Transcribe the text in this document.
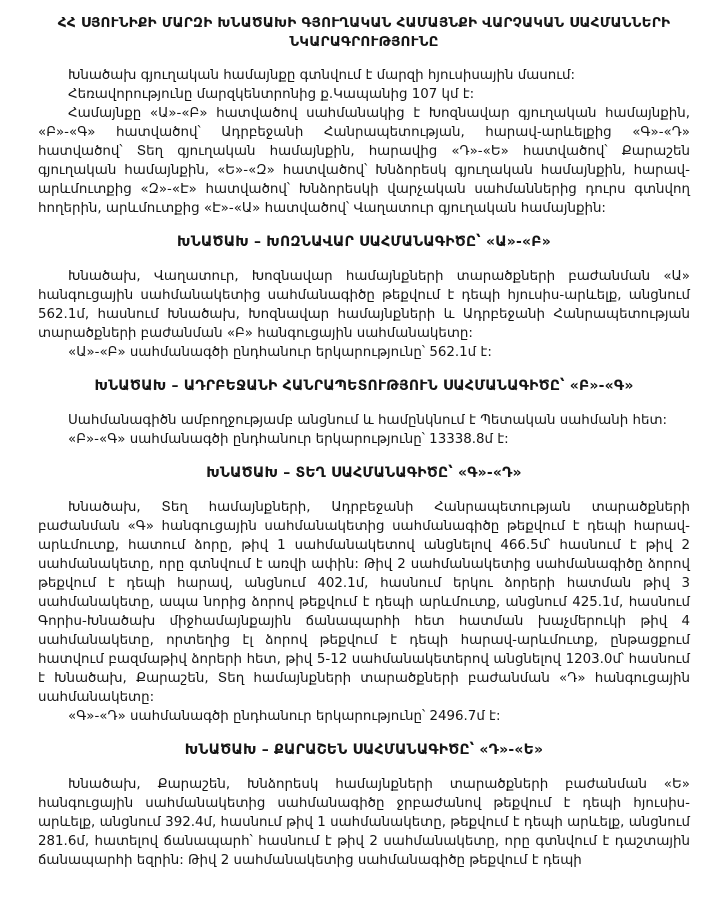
ՀՀ ՍՅՈՒՆԻՔԻ ՄԱՐԶԻ ԽՆԱԾԱԽԻ ԳՅՈՒՂԱԿԱՆ ՀԱՄԱՅՆՔԻ ՎԱՐՉԱԿԱՆ ՍԱՀՄԱՆՆԵՐԻ
ՆԿԱՐԱԳՐՈՒԹՅՈՒՆԸ

Խնածախ գյուղական համայնքը գտնվում է մարզի հյուսիսային մասում:

Հեռավորությունը մարզկենտրոնից ք.Կապանից 107 կմ է:

Համայնքը «Ա»-«Բ» հատվածով սահմանակից է Խոզնավար գյուղական համայնքին, «Բ»-«Գ» հատվածով՝ Ադրբեջանի Հանրապետության, հարավ-արևելքից «Գ»-«Դ» հատվածով՝ Տեղ գյուղական համայնքին, հարավից «Դ»-«Ե» հատվածով՝ Քարաշեն գյուղական համայնքին, «Ե»-«Զ» հատվածով՝ Խնձորեսկ գյուղական համայնքին, հարավ-արևմուտքից «Զ»-«Է» հատվածով՝ Խնձորեսկի վարչական սահմաններից դուրս գտնվող հողերին, արևմուտքից «Է»-«Ա» հատվածով՝ Վաղատուր գյուղական համայնքին:

ԽՆԱԾԱԽ – ԽՈԶՆԱՎԱՐ ՍԱՀՄԱՆԱԳԻԾԸ՝ «Ա»-«Բ»

Խնածախ, Վաղատուր, Խոզնավար համայնքների տարածքների բաժանման «Ա» հանգուցային սահմանակետից սահմանագիծը թեքվում է դեպի հյուսիս-արևելք, անցնում 562.1մ, հասնում Խնածախ, Խոզնավար համայնքների և Ադրբեջանի Հանրապետության տարածքների բաժանման «Բ» հանգուցային սահմանակետը:

«Ա»-«Բ» սահմանագծի ընդհանուր երկարությունը՝ 562.1մ է:

ԽՆԱԾԱԽ – ԱԴՐԲԵՋԱՆԻ ՀԱՆՐԱՊԵՏՈՒԹՅՈՒՆ ՍԱՀՄԱՆԱԳԻԾԸ՝ «Բ»-«Գ»

Սահմանագիծն ամբողջությամբ անցնում և համընկնում է Պետական սահմանի հետ:

«Բ»-«Գ» սահմանագծի ընդհանուր երկարությունը՝ 13338.8մ է:

ԽՆԱԾԱԽ – ՏԵՂ ՍԱՀՄԱՆԱԳԻԾԸ՝ «Գ»-«Դ»

Խնածախ, Տեղ համայնքների, Ադրբեջանի Հանրապետության տարածքների բաժանման «Գ» հանգուցային սահմանակետից սահմանագիծը թեքվում է դեպի հարավ-արևմուտք, հատում ձորը, թիվ 1 սահմանակետով անցնելով 466.5մ՝ հասնում է թիվ 2 սահմանակետը, որը գտնվում է առվի ափին: Թիվ 2 սահմանակետից սահմանագիծը ձորով թեքվում է դեպի հարավ, անցնում 402.1մ, հասնում երկու ձորերի հատման թիվ 3 սահմանակետը, ապա նորից ձորով թեքվում է դեպի արևմուտք, անցնում 425.1մ, հասնում Գորիս-Խնածախ միջհամայնքային ճանապարհի հետ հատման խաչմերուկի թիվ 4 սահմանակետը, որտեղից էլ ձորով թեքվում է դեպի հարավ-արևմուտք, ընթացքում հատվում բազմաթիվ ձորերի հետ, թիվ 5-12 սահմանակետերով անցնելով 1203.0մ՝ հասնում է Խնածախ, Քարաշեն, Տեղ համայնքների տարածքների բաժանման «Դ» հանգուցային սահմանակետը:

«Գ»-«Դ» սահմանագծի ընդհանուր երկարությունը՝ 2496.7մ է:

ԽՆԱԾԱԽ – ՔԱՐԱՇԵՆ ՍԱՀՄԱՆԱԳԻԾԸ՝ «Դ»-«Ե»

Խնածախ, Քարաշեն, Խնձորեսկ համայնքների տարածքների բաժանման «Ե» հանգուցային սահմանակետից սահմանագիծը ջրբաժանով թեքվում է դեպի հյուսիս-արևելք, անցնում 392.4մ, հասնում թիվ 1 սահմանակետը, թեքվում է դեպի արևելք, անցնում 281.6մ, հատելով ճանապարհ՝ հասնում է թիվ 2 սահմանակետը, որը գտնվում է դաշտային ճանապարհի եզրին: Թիվ 2 սահմանակետից սահմանագիծը թեքվում է դեպի
